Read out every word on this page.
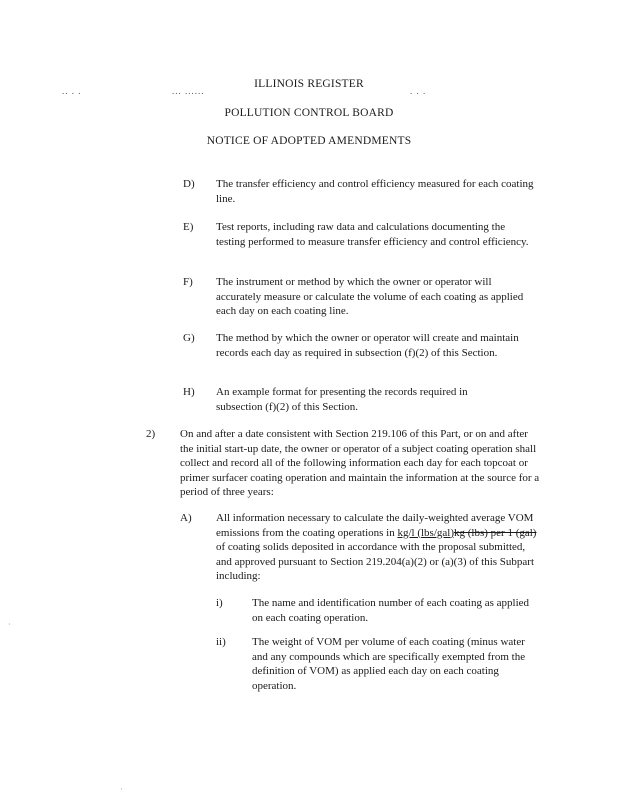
.. . .	... ......	. . .
ILLINOIS REGISTER
POLLUTION CONTROL BOARD
NOTICE OF ADOPTED AMENDMENTS
D) The transfer efficiency and control efficiency measured for each coating line.
E) Test reports, including raw data and calculations documenting the testing performed to measure transfer efficiency and control efficiency.
F) The instrument or method by which the owner or operator will accurately measure or calculate the volume of each coating as applied each day on each coating line.
G) The method by which the owner or operator will create and maintain records each day as required in subsection (f)(2) of this Section.
H) An example format for presenting the records required in subsection (f)(2) of this Section.
2) On and after a date consistent with Section 219.106 of this Part, or on and after the initial start-up date, the owner or operator of a subject coating operation shall collect and record all of the following information each day for each topcoat or primer surfacer coating operation and maintain the information at the source for a period of three years:
A) All information necessary to calculate the daily-weighted average VOM emissions from the coating operations in kg/l (lbs/gal)kg (lbs) per 1 (gal) of coating solids deposited in accordance with the proposal submitted, and approved pursuant to Section 219.204(a)(2) or (a)(3) of this Subpart including:
i)	The name and identification number of each coating as applied on each coating operation.
ii) The weight of VOM per volume of each coating (minus water and any compounds which are specifically exempted from the definition of VOM) as applied each day on each coating operation.
·
·
